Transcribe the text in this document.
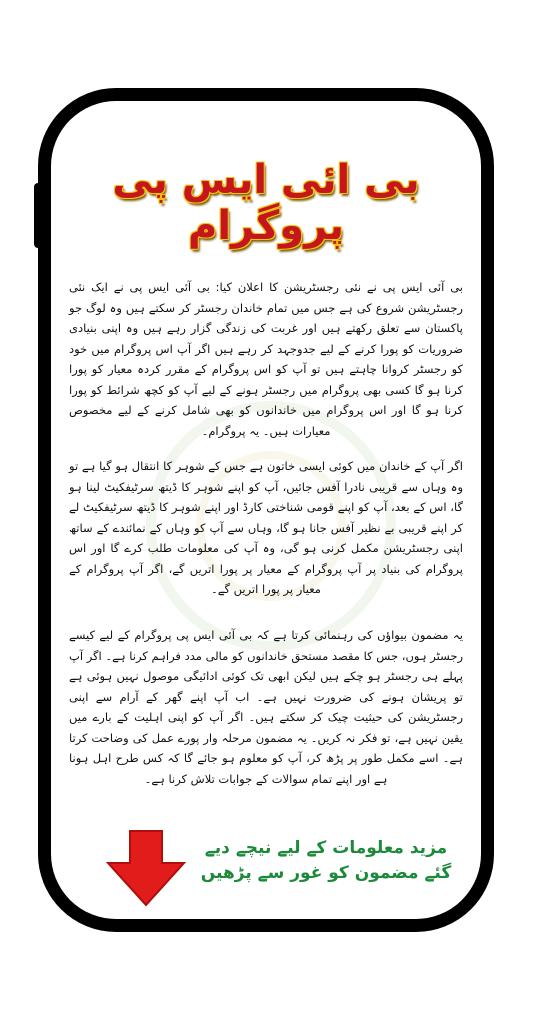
بی ائی ایس پی پروگرام
بی آئی ایس پی نے نئی رجسٹریشن کا اعلان کیا: بی آئی ایس پی نے ایک نئی رجسٹریشن شروع کی ہے جس میں تمام خاندان رجسٹر کر سکتے ہیں وہ لوگ جو پاکستان سے تعلق رکھتے ہیں اور غربت کی زندگی گزار رہے ہیں وہ اپنی بنیادی ضروریات کو پورا کرنے کے لیے جدوجہد کر رہے ہیں اگر آپ اس پروگرام میں خود کو رجسٹر کروانا چاہتے ہیں تو آپ کو اس پروگرام کے مقرر کردہ معیار کو پورا کرنا ہو گا کسی بھی پروگرام میں رجسٹر ہونے کے لیے آپ کو کچھ شرائط کو پورا کرنا ہو گا اور اس پروگرام میں خاندانوں کو بھی شامل کرنے کے لیے مخصوص معیارات ہیں۔ یہ پروگرام۔
اگر آپ کے خاندان میں کوئی ایسی خاتون ہے جس کے شوہر کا انتقال ہو گیا ہے تو وہ وہاں سے قریبی نادرا آفس جائیں، آپ کو اپنے شوہر کا ڈیتھ سرٹیفکیٹ لینا ہو گا، اس کے بعد، آپ کو اپنے قومی شناختی کارڈ اور اپنے شوہر کا ڈیتھ سرٹیفکیٹ لے کر اپنے قریبی بے نظیر آفس جانا ہو گا، وہاں سے آپ کو وہاں کے نمائندے کے ساتھ اپنی رجسٹریشن مکمل کرنی ہو گی، وہ آپ کی معلومات طلب کرے گا اور اس پروگرام کی بنیاد پر آپ پروگرام کے معیار پر پورا اتریں گے، اگر آپ پروگرام کے معیار پر پورا اتریں گے۔
یہ مضمون بیواؤں کی رہنمائی کرتا ہے کہ بی آئی ایس پی پروگرام کے لیے کیسے رجسٹر ہوں، جس کا مقصد مستحق خاندانوں کو مالی مدد فراہم کرنا ہے۔ اگر آپ پہلے ہی رجسٹر ہو چکے ہیں لیکن ابھی تک کوئی ادائیگی موصول نہیں ہوئی ہے تو پریشان ہونے کی ضرورت نہیں ہے۔ اب آپ اپنے گھر کے آرام سے اپنی رجسٹریشن کی حیثیت چیک کر سکتے ہیں۔ اگر آپ کو اپنی اہلیت کے بارے میں یقین نہیں ہے، تو فکر نہ کریں۔ یہ مضمون مرحلہ وار پورے عمل کی وضاحت کرتا ہے۔ اسے مکمل طور پر پڑھ کر، آپ کو معلوم ہو جائے گا کہ کس طرح اہل ہونا ہے اور اپنے تمام سوالات کے جوابات تلاش کرنا ہے۔
مزید معلومات کے لیے نیچے دیے
گئے مضمون کو غور سے پڑھیں
